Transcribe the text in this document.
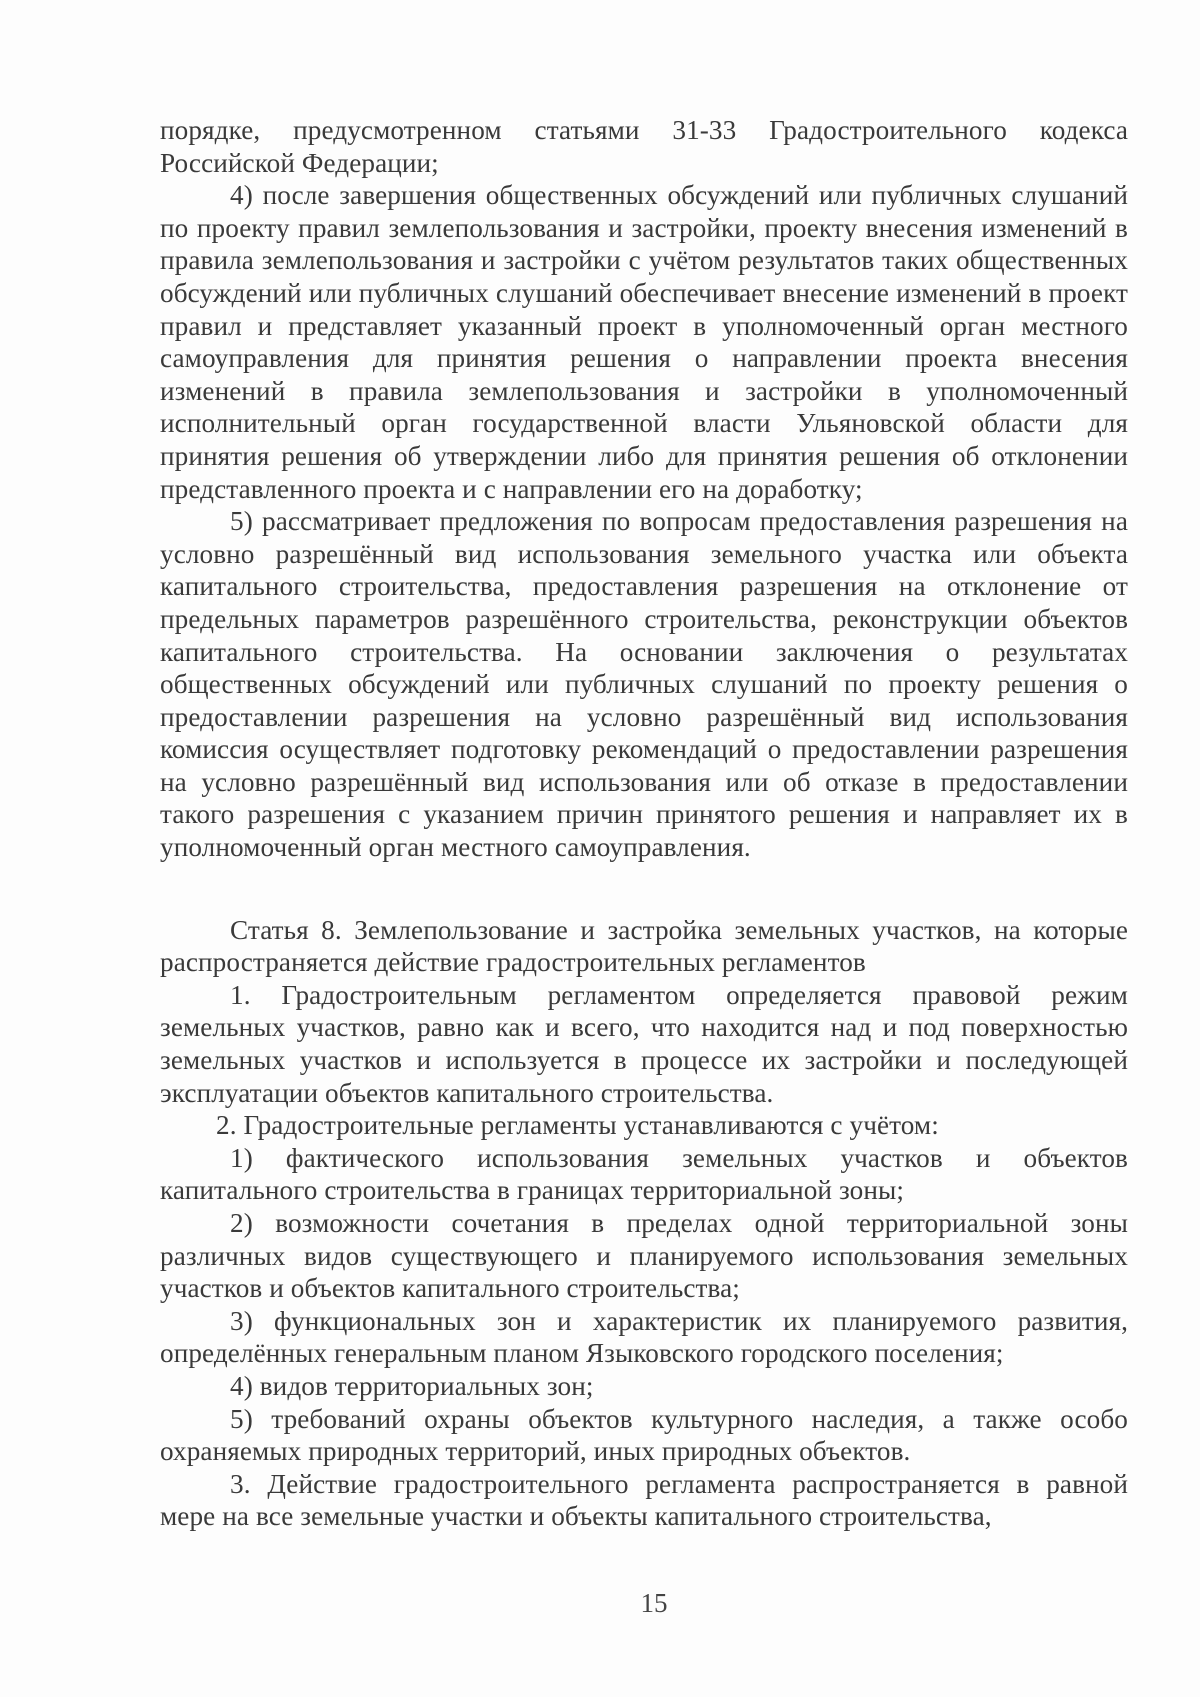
порядке, предусмотренном статьями 31-33 Градостроительного кодекса Российской Федерации;

4) после завершения общественных обсуждений или публичных слушаний по проекту правил землепользования и застройки, проекту внесения изменений в правила землепользования и застройки с учётом результатов таких общественных обсуждений или публичных слушаний обеспечивает внесение изменений в проект правил и представляет указанный проект в уполномоченный орган местного самоуправления для принятия решения о направлении проекта внесения изменений в правила землепользования и застройки в уполномоченный исполнительный орган государственной власти Ульяновской области для принятия решения об утверждении либо для принятия решения об отклонении представленного проекта и с направлении его на доработку;

5) рассматривает предложения по вопросам предоставления разрешения на условно разрешённый вид использования земельного участка или объекта капитального строительства, предоставления разрешения на отклонение от предельных параметров разрешённого строительства, реконструкции объектов капитального строительства. На основании заключения о результатах общественных обсуждений или публичных слушаний по проекту решения о предоставлении разрешения на условно разрешённый вид использования комиссия осуществляет подготовку рекомендаций о предоставлении разрешения на условно разрешённый вид использования или об отказе в предоставлении такого разрешения с указанием причин принятого решения и направляет их в уполномоченный орган местного самоуправления.

Статья 8. Землепользование и застройка земельных участков, на которые распространяется действие градостроительных регламентов

1. Градостроительным регламентом определяется правовой режим земельных участков, равно как и всего, что находится над и под поверхностью земельных участков и используется в процессе их застройки и последующей эксплуатации объектов капитального строительства.

2. Градостроительные регламенты устанавливаются с учётом:

1) фактического использования земельных участков и объектов капитального строительства в границах территориальной зоны;

2) возможности сочетания в пределах одной территориальной зоны различных видов существующего и планируемого использования земельных участков и объектов капитального строительства;

3) функциональных зон и характеристик их планируемого развития, определённых генеральным планом Языковского городского поселения;

4) видов территориальных зон;

5) требований охраны объектов культурного наследия, а также особо охраняемых природных территорий, иных природных объектов.

3. Действие градостроительного регламента распространяется в равной мере на все земельные участки и объекты капитального строительства,

15
